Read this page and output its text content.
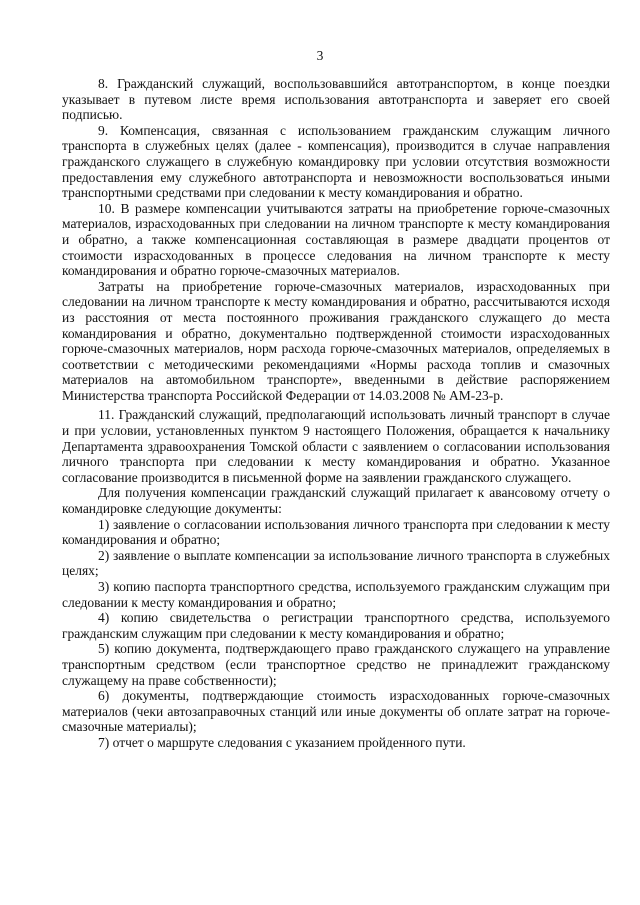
3

8. Гражданский служащий, воспользовавшийся автотранспортом, в конце поездки указывает в путевом листе время использования автотранспорта и заверяет его своей подписью.

9. Компенсация, связанная с использованием гражданским служащим личного транспорта в служебных целях (далее - компенсация), производится в случае направления гражданского служащего в служебную командировку при условии отсутствия возможности предоставления ему служебного автотранспорта и невозможности воспользоваться иными транспортными средствами при следовании к месту командирования и обратно.

10. В размере компенсации учитываются затраты на приобретение горюче-смазочных материалов, израсходованных при следовании на личном транспорте к месту командирования и обратно, а также компенсационная составляющая в размере двадцати процентов от стоимости израсходованных в процессе следования на личном транспорте к месту командирования и обратно горюче-смазочных материалов.

Затраты на приобретение горюче-смазочных материалов, израсходованных при следовании на личном транспорте к месту командирования и обратно, рассчитываются исходя из расстояния от места постоянного проживания гражданского служащего до места командирования и обратно, документально подтвержденной стоимости израсходованных горюче-смазочных материалов, норм расхода горюче-смазочных материалов, определяемых в соответствии с методическими рекомендациями «Нормы расхода топлив и смазочных материалов на автомобильном транспорте», введенными в действие распоряжением Министерства транспорта Российской Федерации от 14.03.2008 № АМ-23-р.

11. Гражданский служащий, предполагающий использовать личный транспорт в случае и при условии, установленных пунктом 9 настоящего Положения, обращается к начальнику Департамента здравоохранения Томской области с заявлением о согласовании использования личного транспорта при следовании к месту командирования и обратно. Указанное согласование производится в письменной форме на заявлении гражданского служащего.

Для получения компенсации гражданский служащий прилагает к авансовому отчету о командировке следующие документы:

1) заявление о согласовании использования личного транспорта при следовании к месту командирования и обратно;

2) заявление о выплате компенсации за использование личного транспорта в служебных целях;

3) копию паспорта транспортного средства, используемого гражданским служащим при следовании к месту командирования и обратно;

4) копию свидетельства о регистрации транспортного средства, используемого гражданским служащим при следовании к месту командирования и обратно;

5) копию документа, подтверждающего право гражданского служащего на управление транспортным средством (если транспортное средство не принадлежит гражданскому служащему на праве собственности);

6) документы, подтверждающие стоимость израсходованных горюче-смазочных материалов (чеки автозаправочных станций или иные документы об оплате затрат на горюче-смазочные материалы);

7) отчет о маршруте следования с указанием пройденного пути.
